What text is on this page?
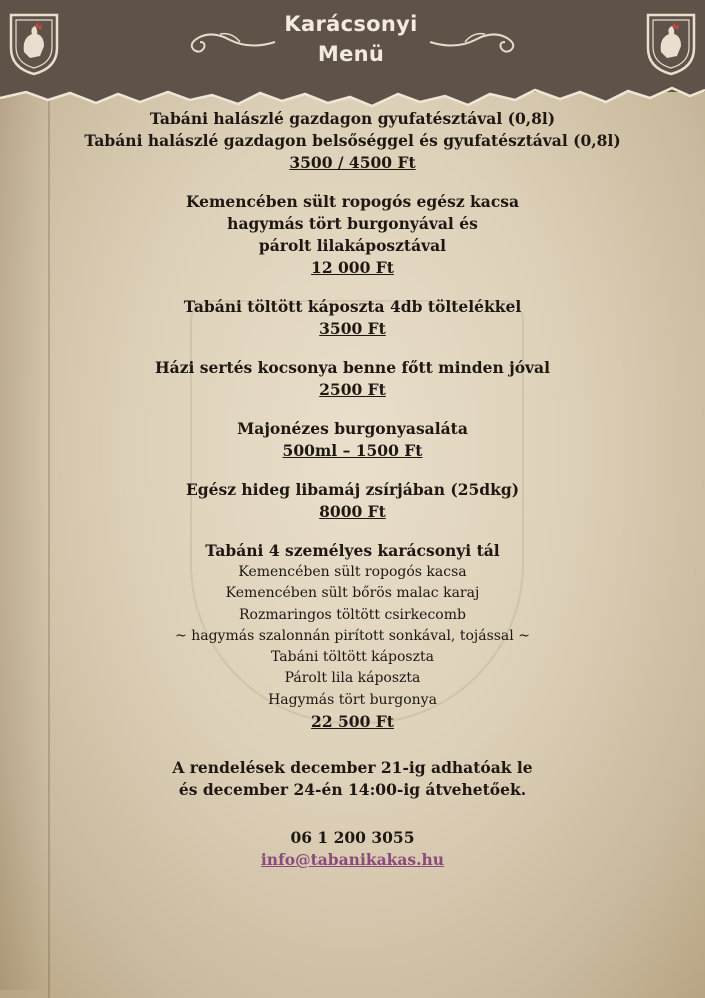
Karácsonyi
Menü
Tabáni halászlé gazdagon gyufatésztával (0,8l)
Tabáni halászlé gazdagon belsőséggel és gyufatésztával (0,8l)
3500 / 4500 Ft
Kemencében sült ropogós egész kacsa
hagymás tört burgonyával és
párolt lilakáposztával
12 000 Ft
Tabáni töltött káposzta 4db töltelékkel
3500 Ft
Házi sertés kocsonya benne főtt minden jóval
2500 Ft
Majonézes burgonyasaláta
500ml – 1500 Ft
Egész hideg libamáj zsírjában (25dkg)
8000 Ft
Tabáni 4 személyes karácsonyi tál
Kemencében sült ropogós kacsa
Kemencében sült bőrös malac karaj
Rozmaringos töltött csirkecomb
~ hagymás szalonnán pirított sonkával, tojással ~
Tabáni töltött káposzta
Párolt lila káposzta
Hagymás tört burgonya
22 500 Ft
A rendelések december 21-ig adhatóak le
és december 24-én 14:00-ig átvehetőek.
06 1 200 3055
info@tabanikakas.hu
